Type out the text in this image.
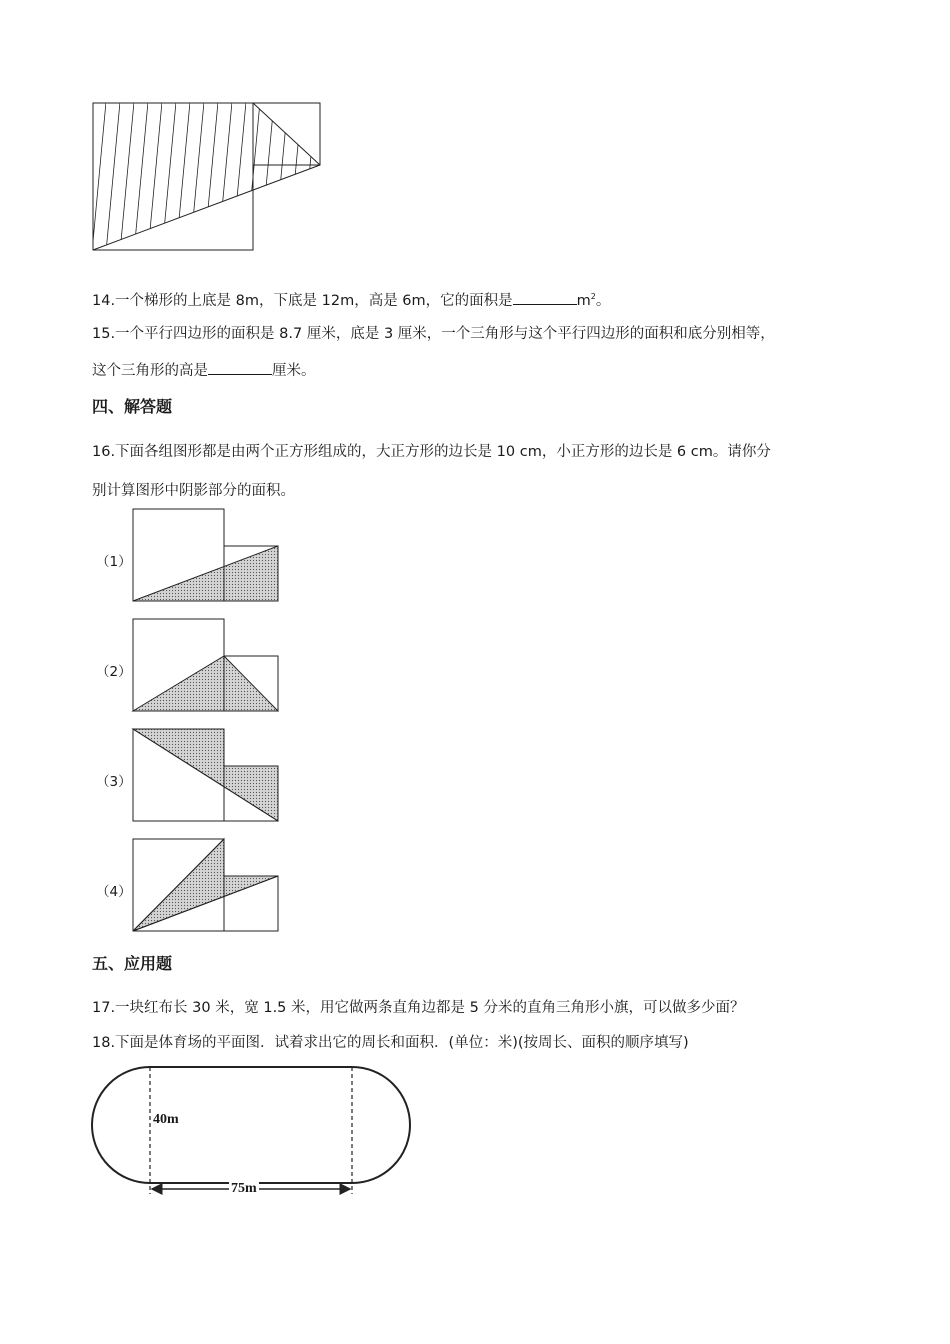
14.一个梯形的上底是 8m，下底是 12m，高是 6m，它的面积是	$m^2$。
15.一个平行四边形的面积是 8.7 厘米，底是 3 厘米，一个三角形与这个平行四边形的面积和底分别相等，
这个三角形的高是	厘米。
四、解答题
16.下面各组图形都是由两个正方形组成的，大正方形的边长是 10 cm，小正方形的边长是 6 cm。请你分
别计算图形中阴影部分的面积。
（1）
（2）
（3）
（4）
五、应用题
17.一块红布长 30 米，宽 1.5 米，用它做两条直角边都是 5 分米的直角三角形小旗，可以做多少面？
18.下面是体育场的平面图．试着求出它的周长和面积．(单位：米)(按周长、面积的顺序填写)
40m
75m
